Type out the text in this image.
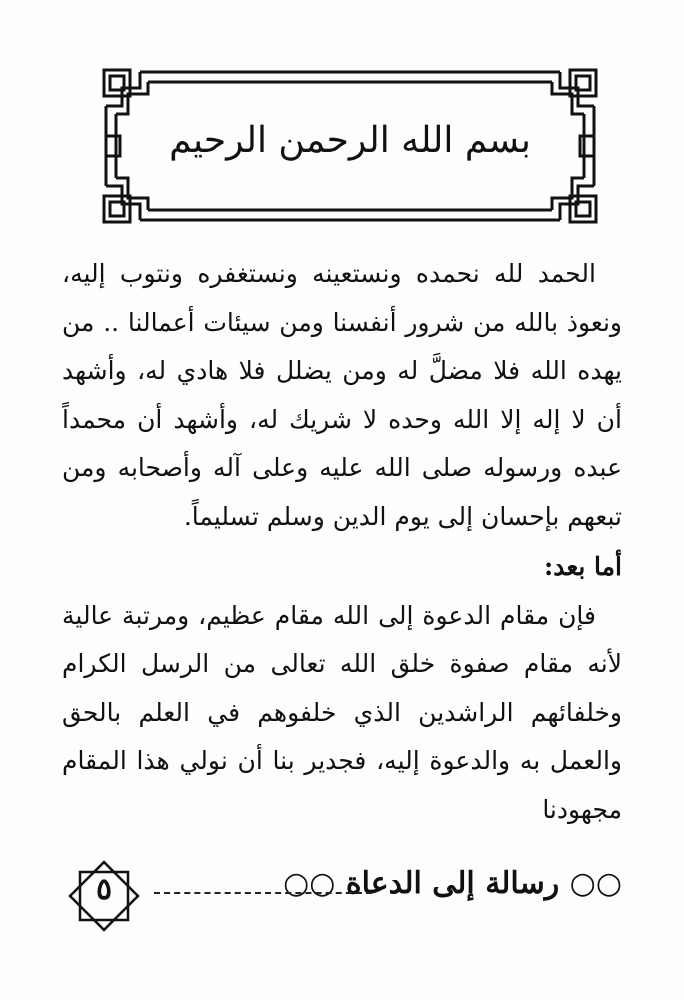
بسم الله الرحمن الرحيم

الحمد لله نحمده ونستعينه ونستغفره ونتوب إليه، ونعوذ بالله من شرور أنفسنا ومن سيئات أعمالنا .. من يهده الله فلا مضلَّ له ومن يضلل فلا هادي له، وأشهد أن لا إله إلا الله وحده لا شريك له، وأشهد أن محمداً عبده ورسوله صلى الله عليه وعلى آله وأصحابه ومن تبعهم بإحسان إلى يوم الدين وسلم تسليماً.

أما بعد:

فإن مقام الدعوة إلى الله مقام عظيم، ومرتبة عالية لأنه مقام صفوة خلق الله تعالى من الرسل الكرام وخلفائهم الراشدين الذي خلفوهم في العلم بالحق والعمل به والدعوة إليه، فجدير بنا أن نولي هذا المقام مجهودنا

○○ رسالة إلى الدعاة ○○
٥
